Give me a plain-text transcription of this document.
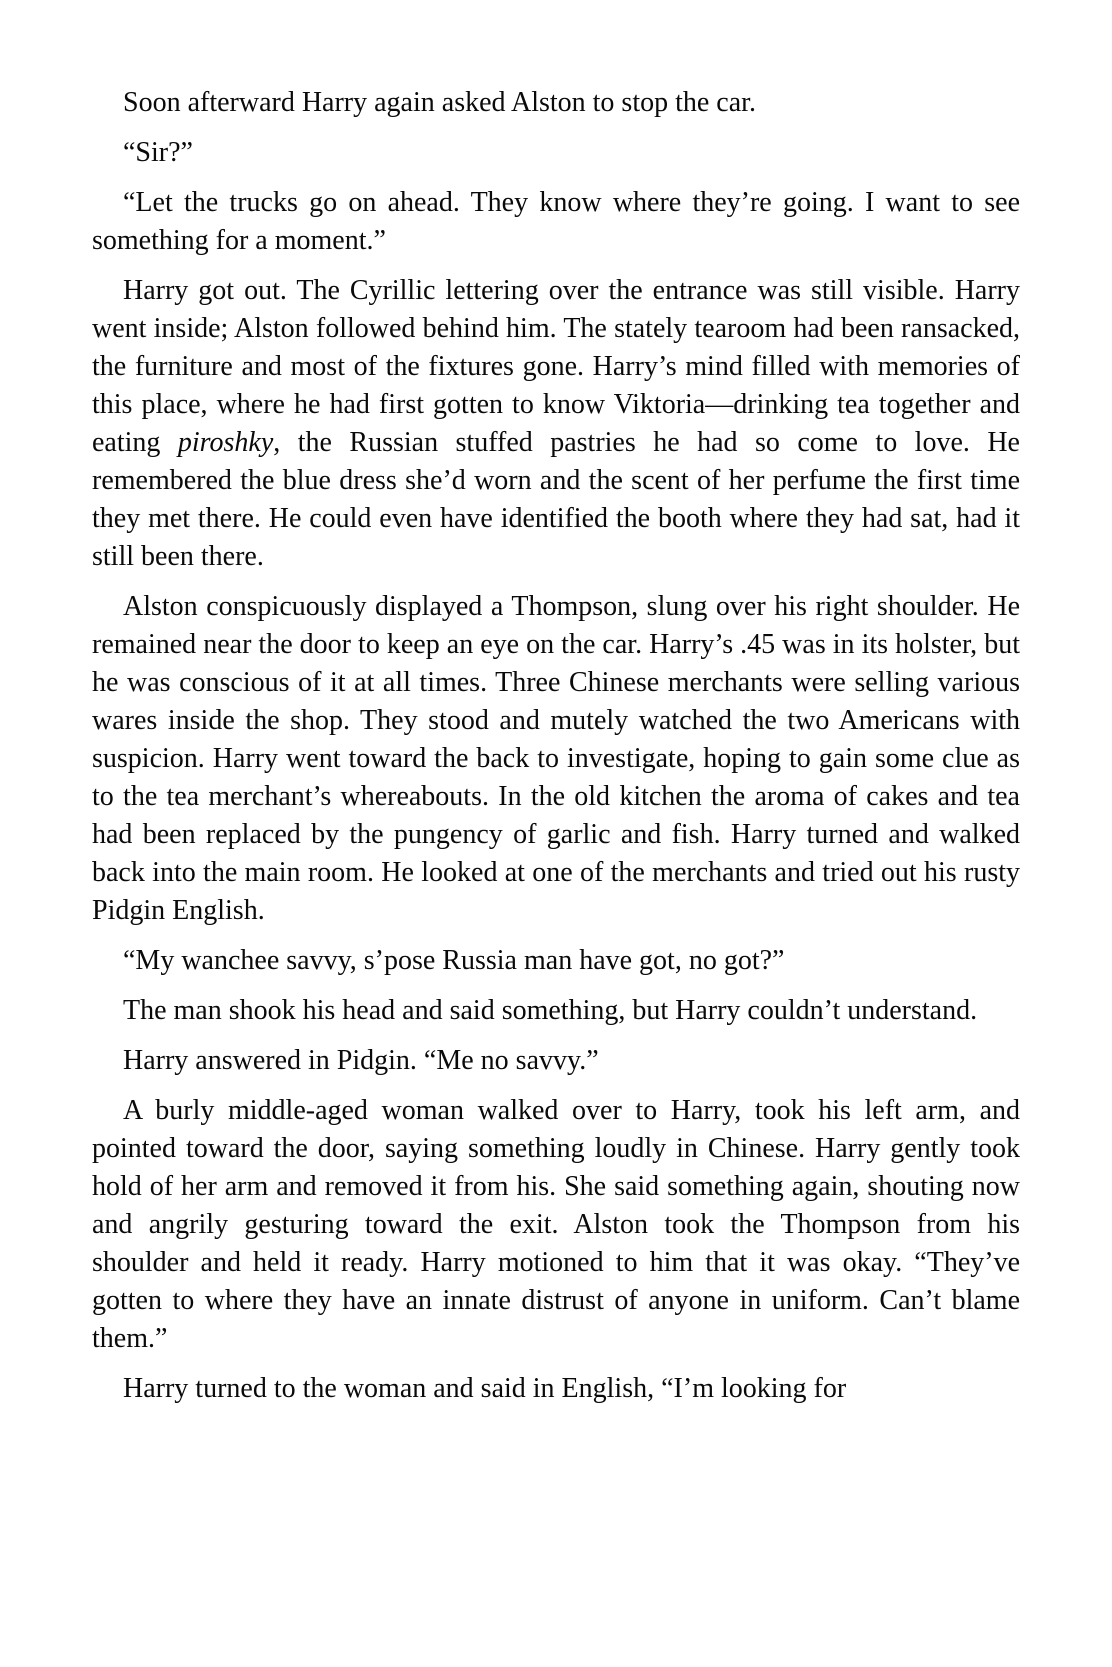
Soon afterward Harry again asked Alston to stop the car.

“Sir?”

“Let the trucks go on ahead. They know where they’re going. I want to see something for a moment.”

Harry got out. The Cyrillic lettering over the entrance was still visible. Harry went inside; Alston followed behind him. The stately tearoom had been ransacked, the furniture and most of the fixtures gone. Harry’s mind filled with memories of this place, where he had first gotten to know Viktoria—drinking tea together and eating piroshky, the Russian stuffed pastries he had so come to love. He remembered the blue dress she’d worn and the scent of her perfume the first time they met there. He could even have identified the booth where they had sat, had it still been there.

Alston conspicuously displayed a Thompson, slung over his right shoulder. He remained near the door to keep an eye on the car. Harry’s .45 was in its holster, but he was conscious of it at all times. Three Chinese merchants were selling various wares inside the shop. They stood and mutely watched the two Americans with suspicion. Harry went toward the back to investigate, hoping to gain some clue as to the tea merchant’s whereabouts. In the old kitchen the aroma of cakes and tea had been replaced by the pungency of garlic and fish. Harry turned and walked back into the main room. He looked at one of the merchants and tried out his rusty Pidgin English.

“My wanchee savvy, s’pose Russia man have got, no got?”

The man shook his head and said something, but Harry couldn’t understand.

Harry answered in Pidgin. “Me no savvy.”

A burly middle-aged woman walked over to Harry, took his left arm, and pointed toward the door, saying something loudly in Chinese. Harry gently took hold of her arm and removed it from his. She said something again, shouting now and angrily gesturing toward the exit. Alston took the Thompson from his shoulder and held it ready. Harry motioned to him that it was okay. “They’ve gotten to where they have an innate distrust of anyone in uniform. Can’t blame them.”

Harry turned to the woman and said in English, “I’m looking for
